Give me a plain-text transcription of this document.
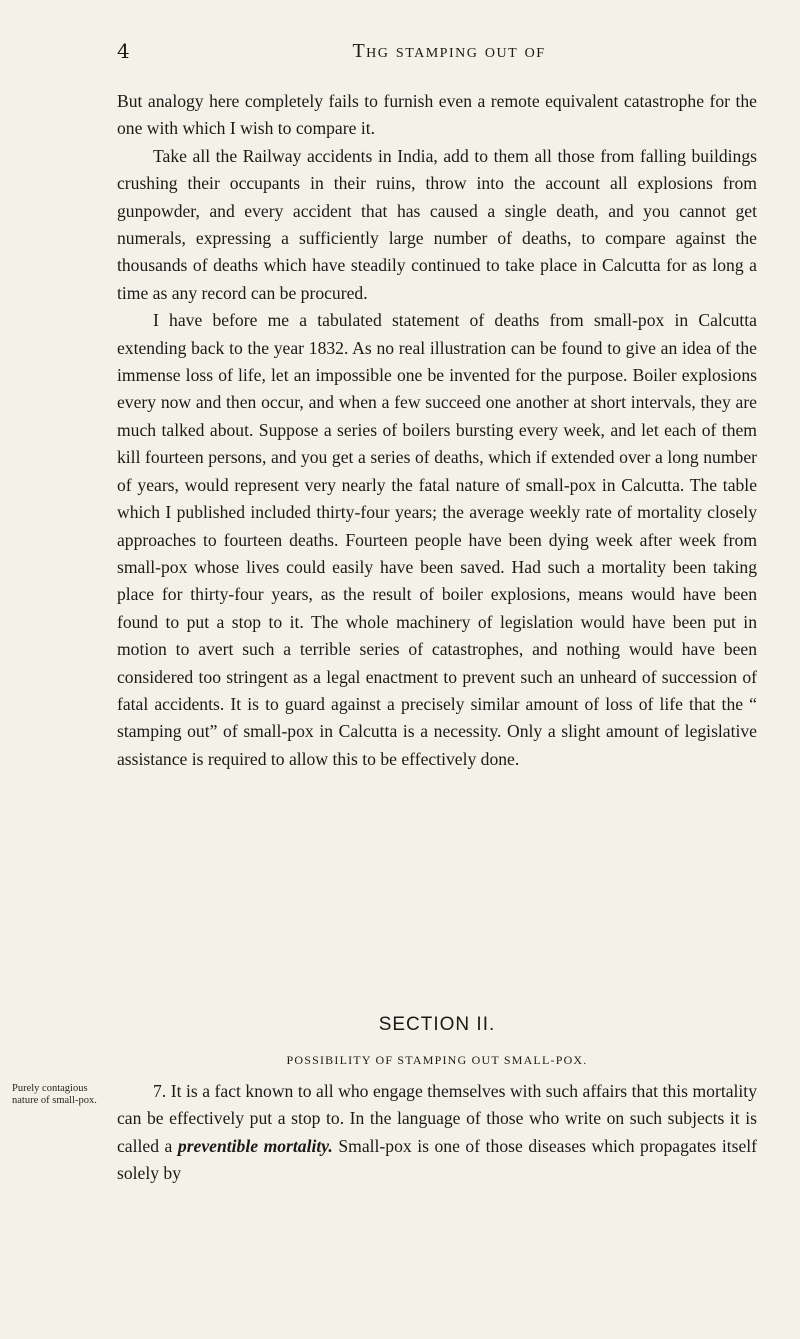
4	Thg stamping out of

But analogy here completely fails to furnish even a remote equivalent catastrophe for the one with which I wish to compare it.

Take all the Railway accidents in India, add to them all those from falling buildings crushing their occupants in their ruins, throw into the account all explosions from gunpowder, and every accident that has caused a single death, and you cannot get numerals, expressing a sufficiently large number of deaths, to compare against the thousands of deaths which have steadily continued to take place in Calcutta for as long a time as any record can be procured.

I have before me a tabulated statement of deaths from small-pox in Calcutta extending back to the year 1832. As no real illustration can be found to give an idea of the immense loss of life, let an impossible one be invented for the purpose. Boiler explosions every now and then occur, and when a few succeed one another at short intervals, they are much talked about. Suppose a series of boilers bursting every week, and let each of them kill fourteen persons, and you get a series of deaths, which if extended over a long number of years, would represent very nearly the fatal nature of small-pox in Calcutta. The table which I published included thirty-four years; the average weekly rate of mortality closely approaches to fourteen deaths. Fourteen people have been dying week after week from small-pox whose lives could easily have been saved. Had such a mortality been taking place for thirty-four years, as the result of boiler explosions, means would have been found to put a stop to it. The whole machinery of legislation would have been put in motion to avert such a terrible series of catastrophes, and nothing would have been considered too stringent as a legal enactment to prevent such an unheard of succession of fatal accidents. It is to guard against a precisely similar amount of loss of life that the “ stamping out” of small-pox in Calcutta is a necessity. Only a slight amount of legislative assistance is required to allow this to be effectively done.

SECTION II.
POSSIBILITY OF STAMPING OUT SMALL-POX.
Purely contagious nature of small-pox.	7. It is a fact known to all who engage themselves with such affairs that this mortality can be effectively put a stop to. In the language of those who write on such subjects it is called a preventible mortality. Small-pox is one of those diseases which propagates itself solely by
